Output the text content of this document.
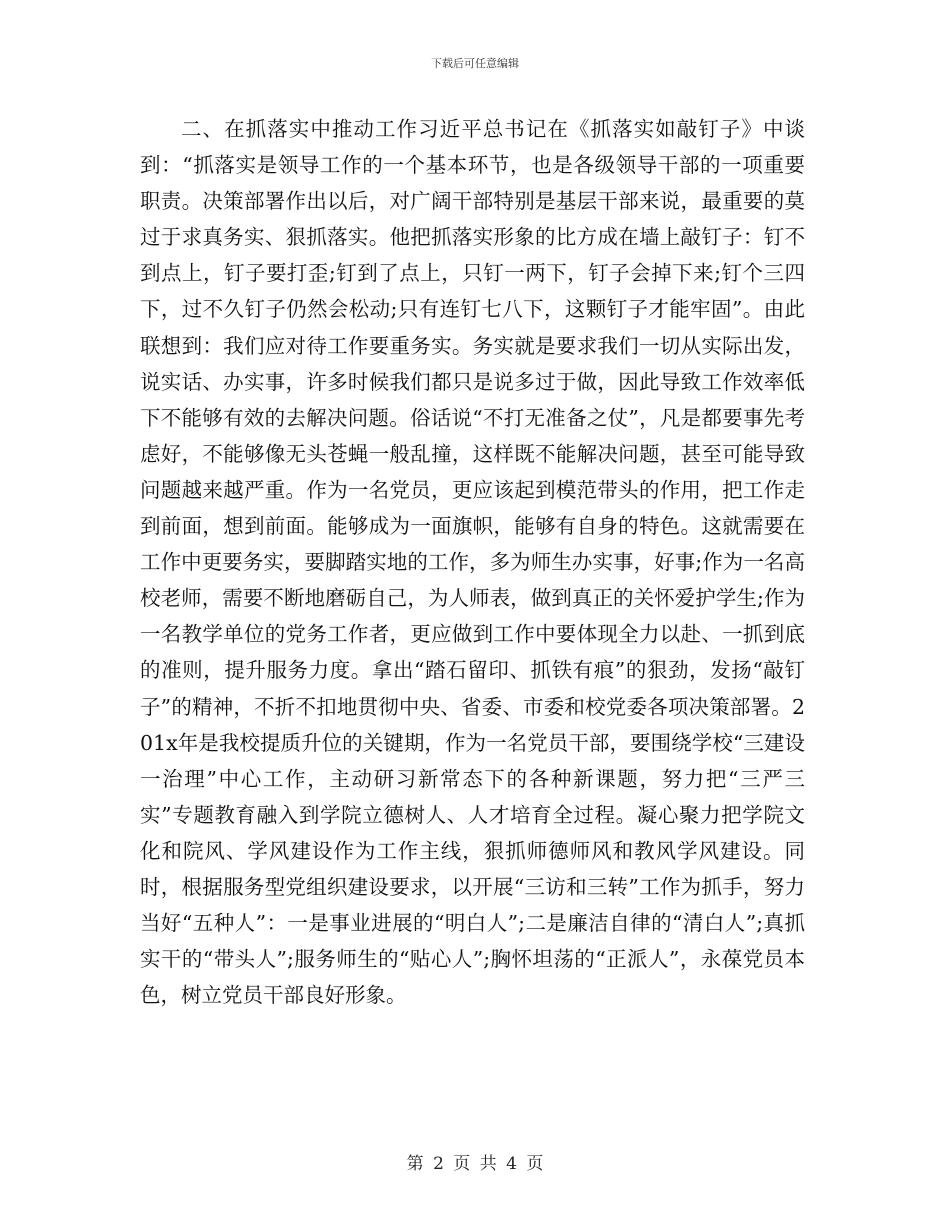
下载后可任意编辑

二、在抓落实中推动工作习近平总书记在《抓落实如敲钉子》中谈到：“抓落实是领导工作的一个基本环节，也是各级领导干部的一项重要职责。决策部署作出以后，对广阔干部特别是基层干部来说，最重要的莫过于求真务实、狠抓落实。他把抓落实形象的比方成在墙上敲钉子：钉不到点上，钉子要打歪;钉到了点上，只钉一两下，钉子会掉下来;钉个三四下，过不久钉子仍然会松动;只有连钉七八下，这颗钉子才能牢固”。由此联想到：我们应对待工作要重务实。务实就是要求我们一切从实际出发，说实话、办实事，许多时候我们都只是说多过于做，因此导致工作效率低下不能够有效的去解决问题。俗话说“不打无准备之仗”，凡是都要事先考虑好，不能够像无头苍蝇一般乱撞，这样既不能解决问题，甚至可能导致问题越来越严重。作为一名党员，更应该起到模范带头的作用，把工作走到前面，想到前面。能够成为一面旗帜，能够有自身的特色。这就需要在工作中更要务实，要脚踏实地的工作，多为师生办实事，好事;作为一名高校老师，需要不断地磨砺自己，为人师表，做到真正的关怀爱护学生;作为一名教学单位的党务工作者，更应做到工作中要体现全力以赴、一抓到底的准则，提升服务力度。拿出“踏石留印、抓铁有痕”的狠劲，发扬“敲钉子”的精神，不折不扣地贯彻中央、省委、市委和校党委各项决策部署。201x年是我校提质升位的关键期，作为一名党员干部，要围绕学校“三建设一治理”中心工作，主动研习新常态下的各种新课题，努力把“三严三实”专题教育融入到学院立德树人、人才培育全过程。凝心聚力把学院文化和院风、学风建设作为工作主线，狠抓师德师风和教风学风建设。同时，根据服务型党组织建设要求，以开展“三访和三转”工作为抓手，努力当好“五种人”：一是事业进展的“明白人”;二是廉洁自律的“清白人”;真抓实干的“带头人”;服务师生的“贴心人”;胸怀坦荡的“正派人”，永葆党员本色，树立党员干部良好形象。

第 2 页 共 4 页
